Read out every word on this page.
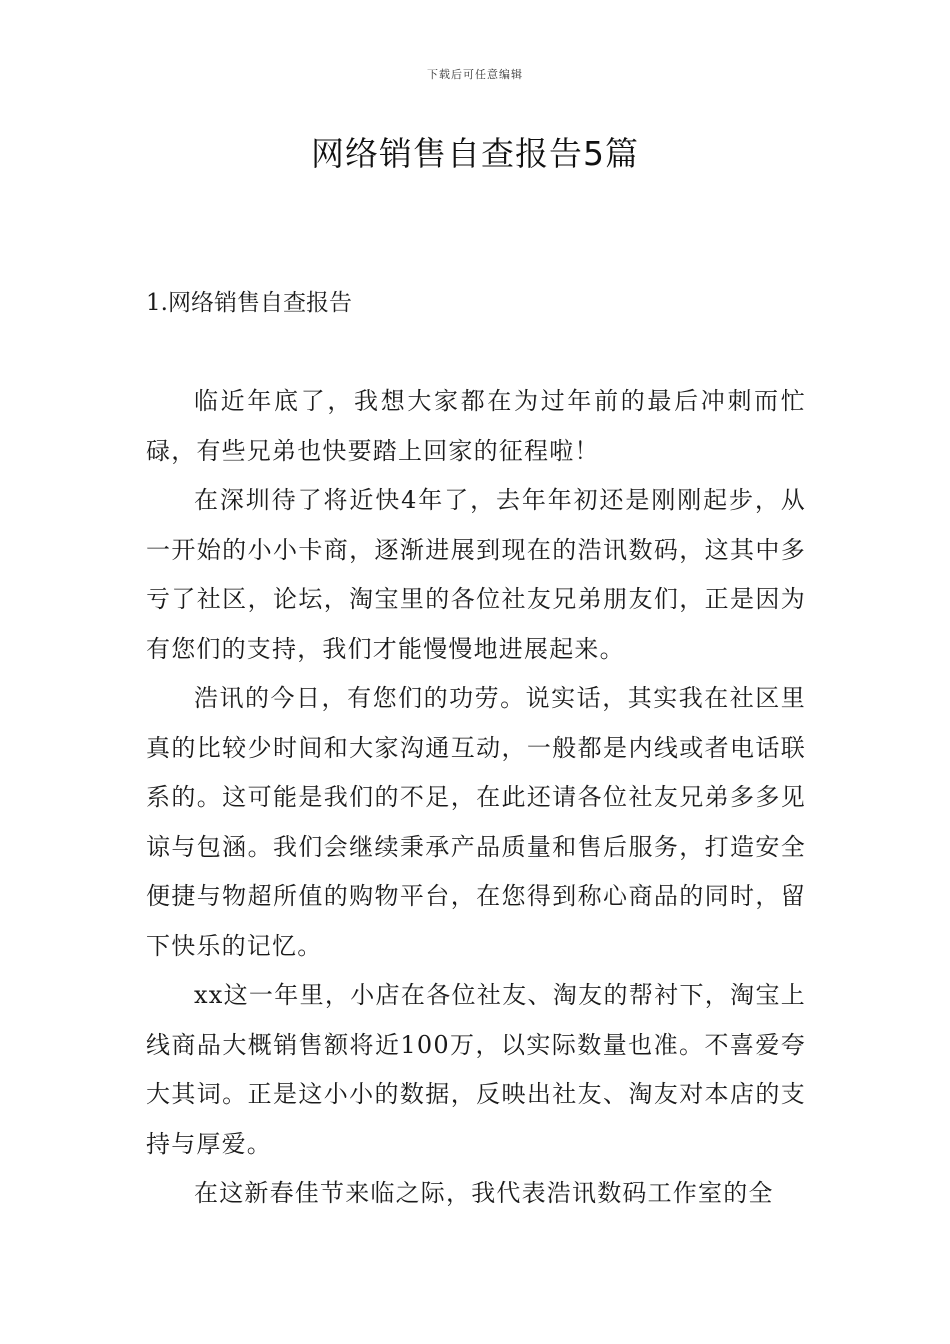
下载后可任意编辑
网络销售自查报告5篇
1.网络销售自查报告

临近年底了，我想大家都在为过年前的最后冲刺而忙碌，有些兄弟也快要踏上回家的征程啦！

在深圳待了将近快4年了，去年年初还是刚刚起步，从一开始的小小卡商，逐渐进展到现在的浩讯数码，这其中多亏了社区，论坛，淘宝里的各位社友兄弟朋友们，正是因为有您们的支持，我们才能慢慢地进展起来。

浩讯的今日，有您们的功劳。说实话，其实我在社区里真的比较少时间和大家沟通互动，一般都是内线或者电话联系的。这可能是我们的不足，在此还请各位社友兄弟多多见谅与包涵。我们会继续秉承产品质量和售后服务，打造安全便捷与物超所值的购物平台，在您得到称心商品的同时，留下快乐的记忆。

xx这一年里，小店在各位社友、淘友的帮衬下，淘宝上线商品大概销售额将近100万，以实际数量也准。不喜爱夸大其词。正是这小小的数据，反映出社友、淘友对本店的支持与厚爱。

在这新春佳节来临之际，我代表浩讯数码工作室的全
